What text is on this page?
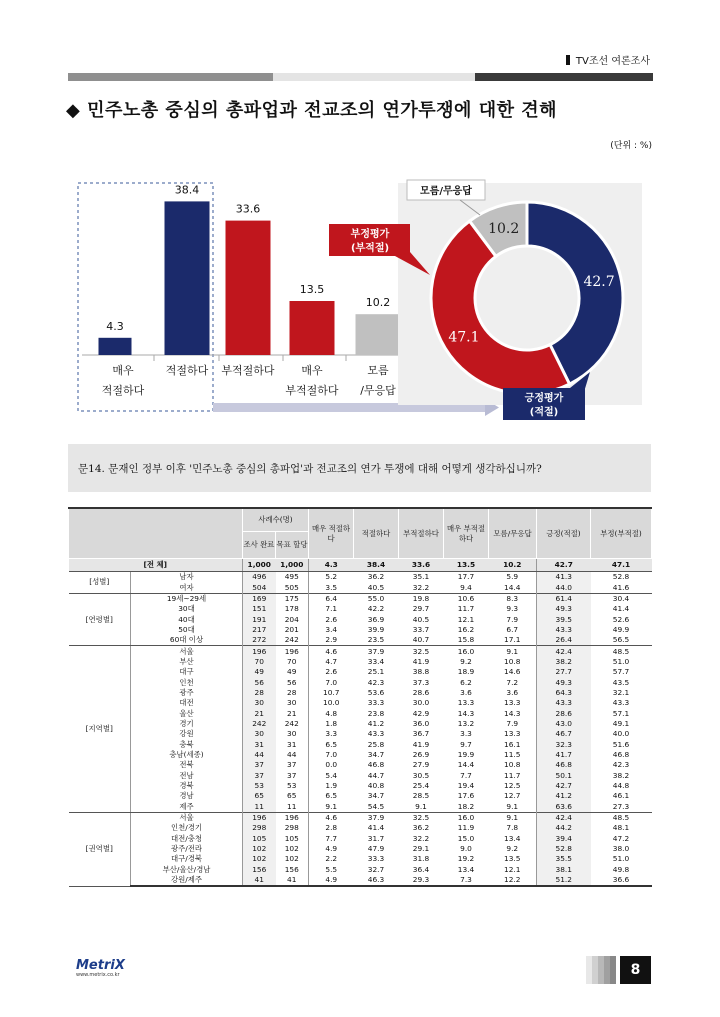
TV조선 여론조사
◆ 민주노총 중심의 총파업과 전교조의 연가투쟁에 대한 견해
(단위 : %)
4.3
매우
적절하다
38.4
적절하다
33.6
부적절하다
13.5
매우
부적절하다
10.2
모름
/무응답
42.7
47.1
10.2
모름/무응답
부정평가
(부적절)
긍정평가
(적절)
문14. 문재인 정부 이후 '민주노총 중심의 총파업'과 전교조의 연가 투쟁에 대해 어떻게 생각하십니까?
		사례수(명)		매우 적절하다	적절하다	부적절하다	매우 부적절하다	모름/무응답	긍정(적절)	부정(부적절)
		조사 완료	목표 할당							
[전 체]		1,000	1,000	4.3	38.4	33.6	13.5	10.2	42.7	47.1
[성별]	남자	496	495	5.2	36.2	35.1	17.7	5.9	41.3	52.8
	여자	504	505	3.5	40.5	32.2	9.4	14.4	44.0	41.6
[연령별]	19세~29세	169	175	6.4	55.0	19.8	10.6	8.3	61.4	30.4
	30대	151	178	7.1	42.2	29.7	11.7	9.3	49.3	41.4
	40대	191	204	2.6	36.9	40.5	12.1	7.9	39.5	52.6
	50대	217	201	3.4	39.9	33.7	16.2	6.7	43.3	49.9
	60대 이상	272	242	2.9	23.5	40.7	15.8	17.1	26.4	56.5
[지역별]	서울	196	196	4.6	37.9	32.5	16.0	9.1	42.4	48.5
	부산	70	70	4.7	33.4	41.9	9.2	10.8	38.2	51.0
	대구	49	49	2.6	25.1	38.8	18.9	14.6	27.7	57.7
	인천	56	56	7.0	42.3	37.3	6.2	7.2	49.3	43.5
	광주	28	28	10.7	53.6	28.6	3.6	3.6	64.3	32.1
	대전	30	30	10.0	33.3	30.0	13.3	13.3	43.3	43.3
	울산	21	21	4.8	23.8	42.9	14.3	14.3	28.6	57.1
	경기	242	242	1.8	41.2	36.0	13.2	7.9	43.0	49.1
	강원	30	30	3.3	43.3	36.7	3.3	13.3	46.7	40.0
	충북	31	31	6.5	25.8	41.9	9.7	16.1	32.3	51.6
	충남(세종)	44	44	7.0	34.7	26.9	19.9	11.5	41.7	46.8
	전북	37	37	0.0	46.8	27.9	14.4	10.8	46.8	42.3
	전남	37	37	5.4	44.7	30.5	7.7	11.7	50.1	38.2
	경북	53	53	1.9	40.8	25.4	19.4	12.5	42.7	44.8
	경남	65	65	6.5	34.7	28.5	17.6	12.7	41.2	46.1
	제주	11	11	9.1	54.5	9.1	18.2	9.1	63.6	27.3
[권역별]	서울	196	196	4.6	37.9	32.5	16.0	9.1	42.4	48.5
	인천/경기	298	298	2.8	41.4	36.2	11.9	7.8	44.2	48.1
	대전/충청	105	105	7.7	31.7	32.2	15.0	13.4	39.4	47.2
	광주/전라	102	102	4.9	47.9	29.1	9.0	9.2	52.8	38.0
	대구/경북	102	102	2.2	33.3	31.8	19.2	13.5	35.5	51.0
	부산/울산/경남	156	156	5.5	32.7	36.4	13.4	12.1	38.1	49.8
	강원/제주	41	41	4.9	46.3	29.3	7.3	12.2	51.2	36.6
MetriX
www.metrix.co.kr	8
